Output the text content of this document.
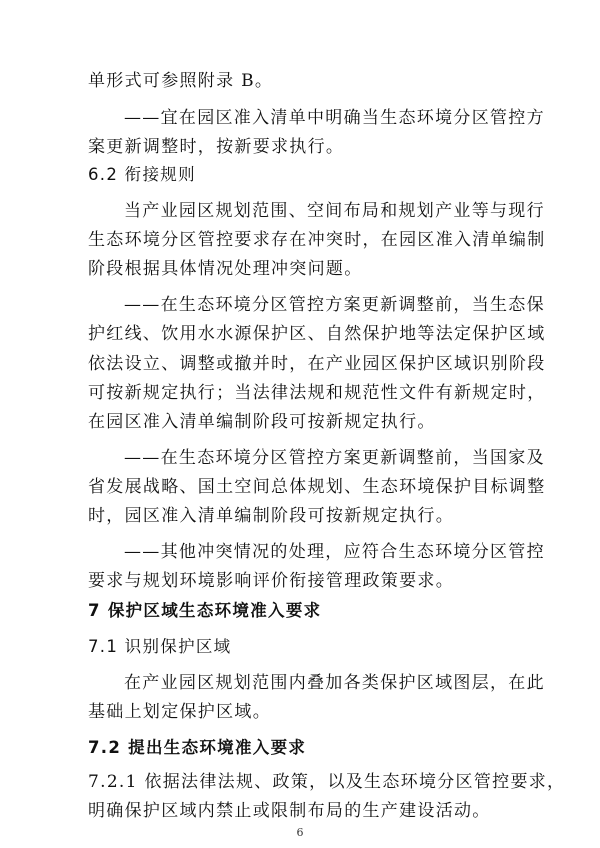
单形式可参照附录 B。
——宜在园区准入清单中明确当生态环境分区管控方
案更新调整时，按新要求执行。
6.2 衔接规则
当产业园区规划范围、空间布局和规划产业等与现行
生态环境分区管控要求存在冲突时，在园区准入清单编制
阶段根据具体情况处理冲突问题。
——在生态环境分区管控方案更新调整前，当生态保
护红线、饮用水水源保护区、自然保护地等法定保护区域
依法设立、调整或撤并时，在产业园区保护区域识别阶段
可按新规定执行；当法律法规和规范性文件有新规定时，
在园区准入清单编制阶段可按新规定执行。
——在生态环境分区管控方案更新调整前，当国家及
省发展战略、国土空间总体规划、生态环境保护目标调整
时，园区准入清单编制阶段可按新规定执行。
——其他冲突情况的处理，应符合生态环境分区管控
要求与规划环境影响评价衔接管理政策要求。
7 保护区域生态环境准入要求
7.1 识别保护区域
在产业园区规划范围内叠加各类保护区域图层，在此
基础上划定保护区域。
7.2 提出生态环境准入要求
7.2.1 依据法律法规、政策，以及生态环境分区管控要求，
明确保护区域内禁止或限制布局的生产建设活动。
6
